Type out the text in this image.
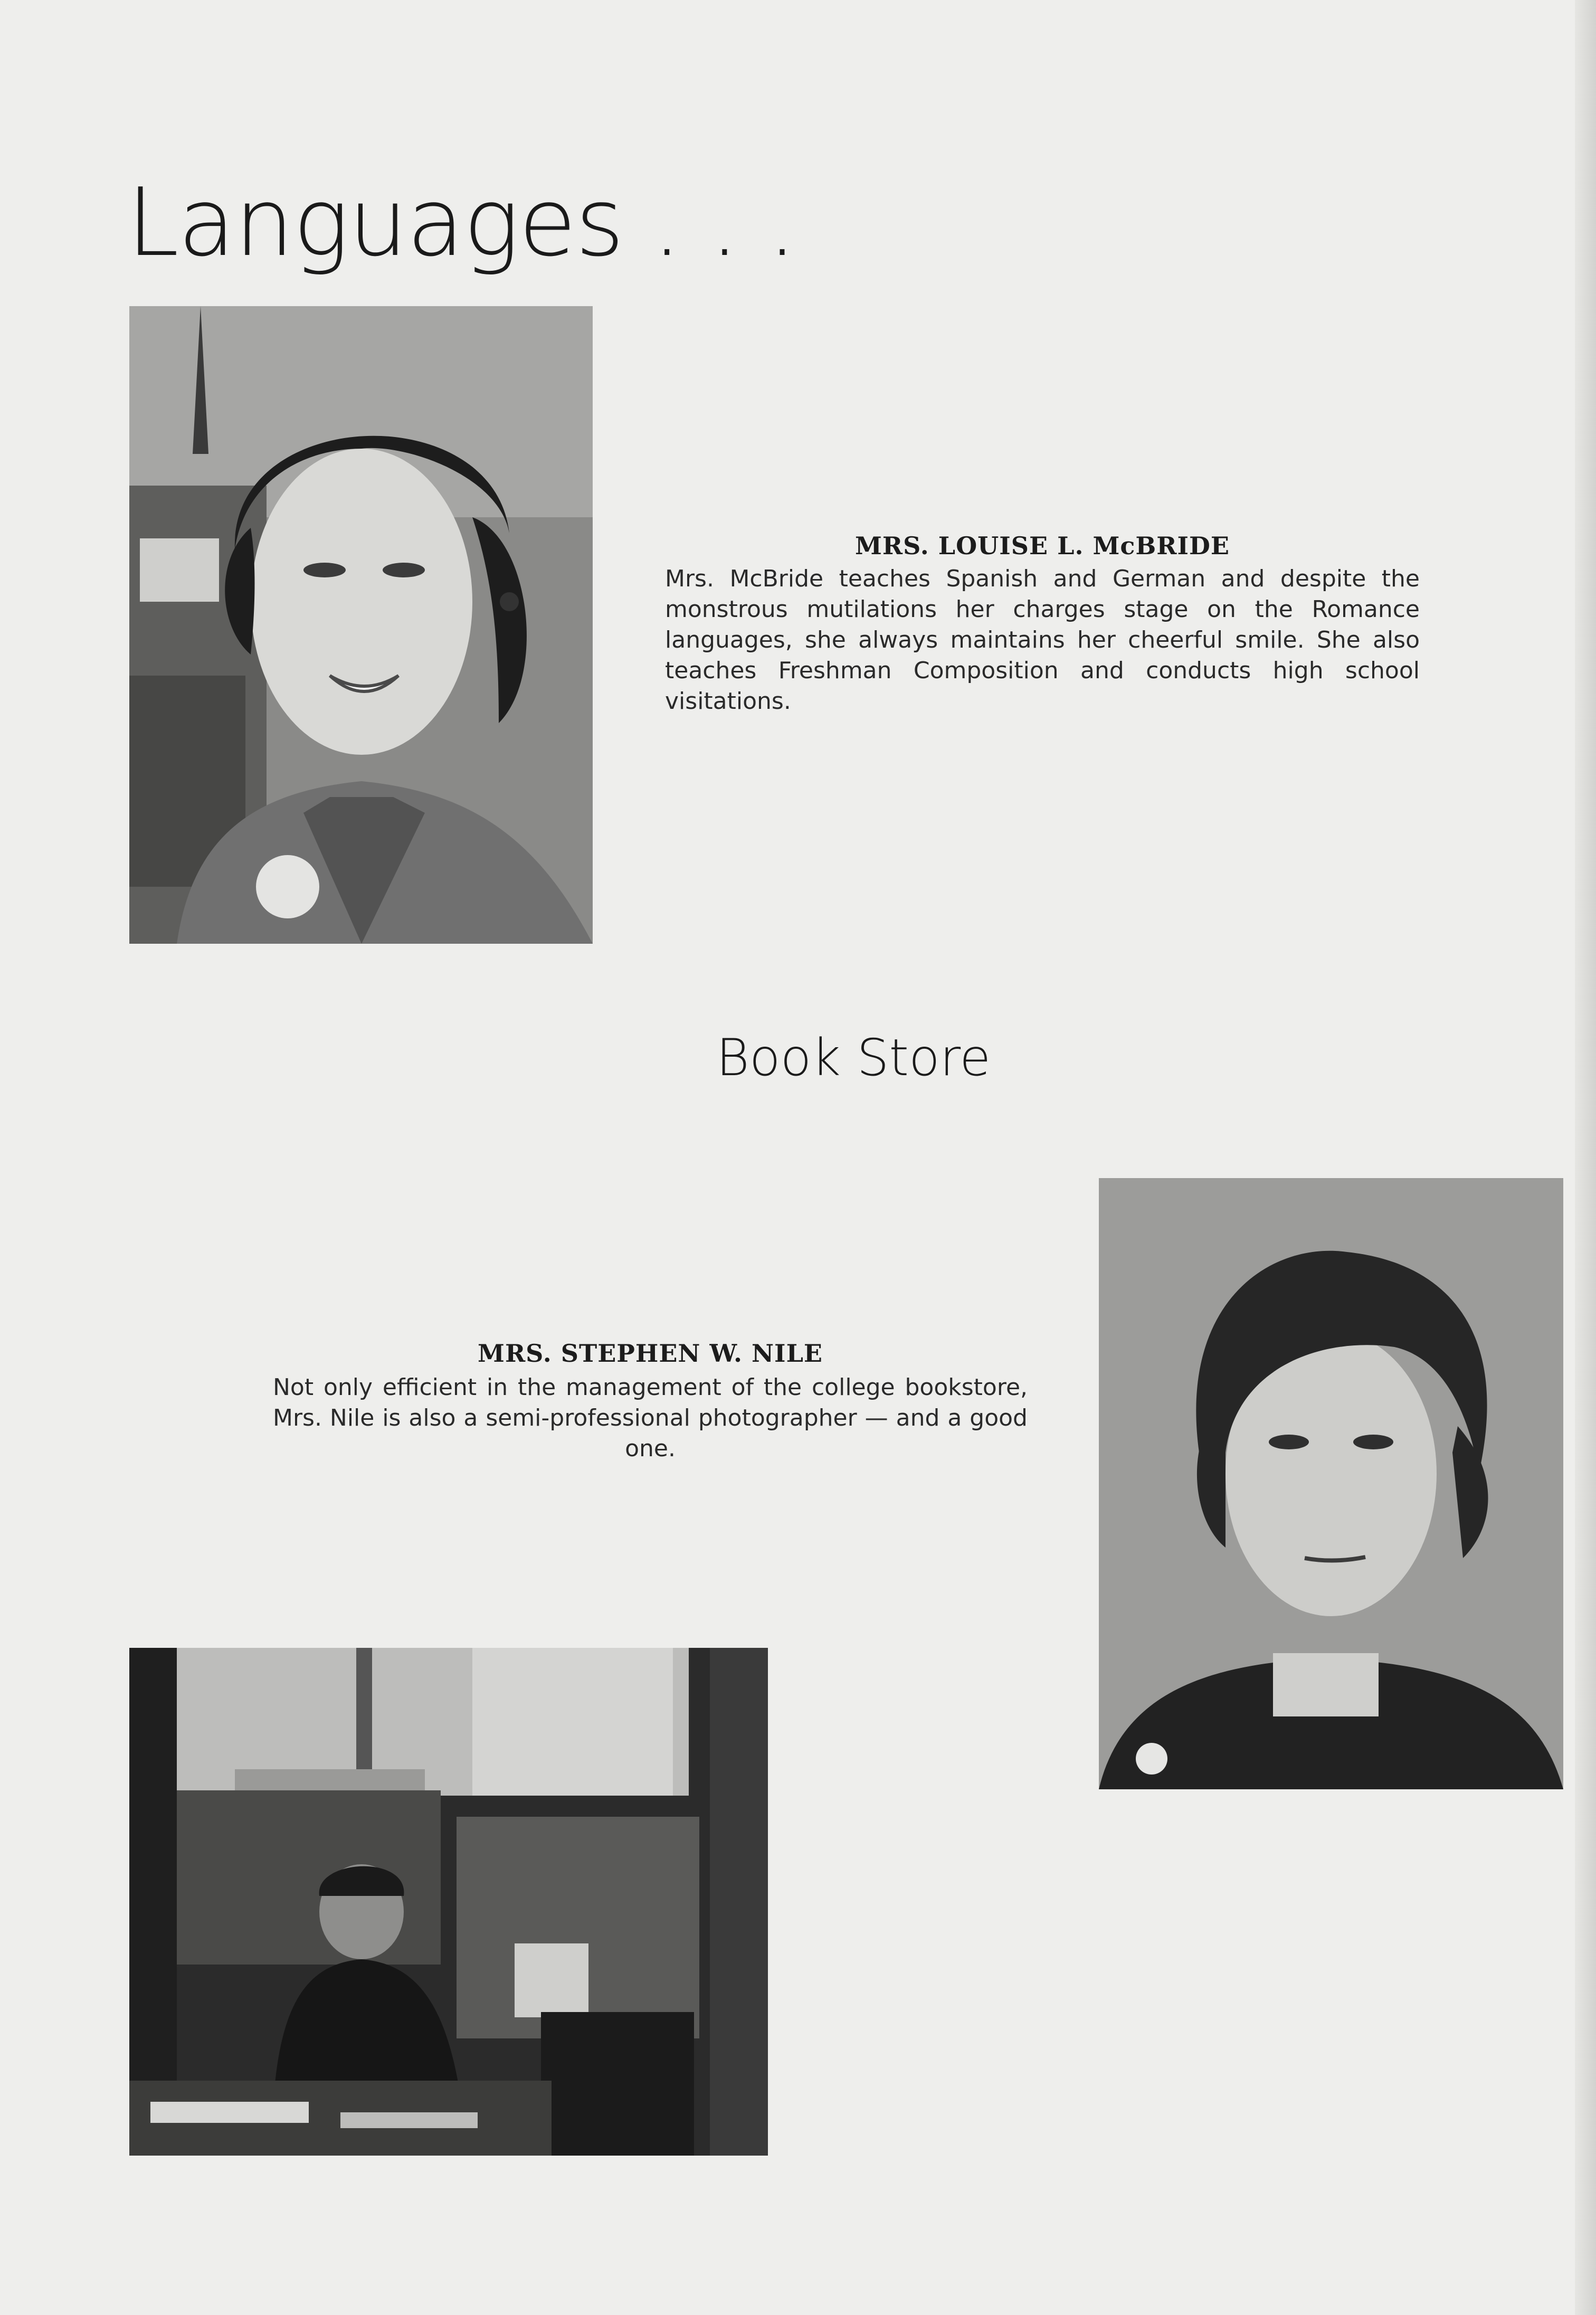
Languages . . .
MRS. LOUISE L. McBRIDE

Mrs. McBride teaches Spanish and German and despite the monstrous mutilations her charges stage on the Romance languages, she always maintains her cheerful smile. She also teaches Freshman Composition and conducts high school visitations.

Book Store
MRS. STEPHEN W. NILE

Not only efficient in the management of the college bookstore, Mrs. Nile is also a semi-professional photographer — and a good one.
